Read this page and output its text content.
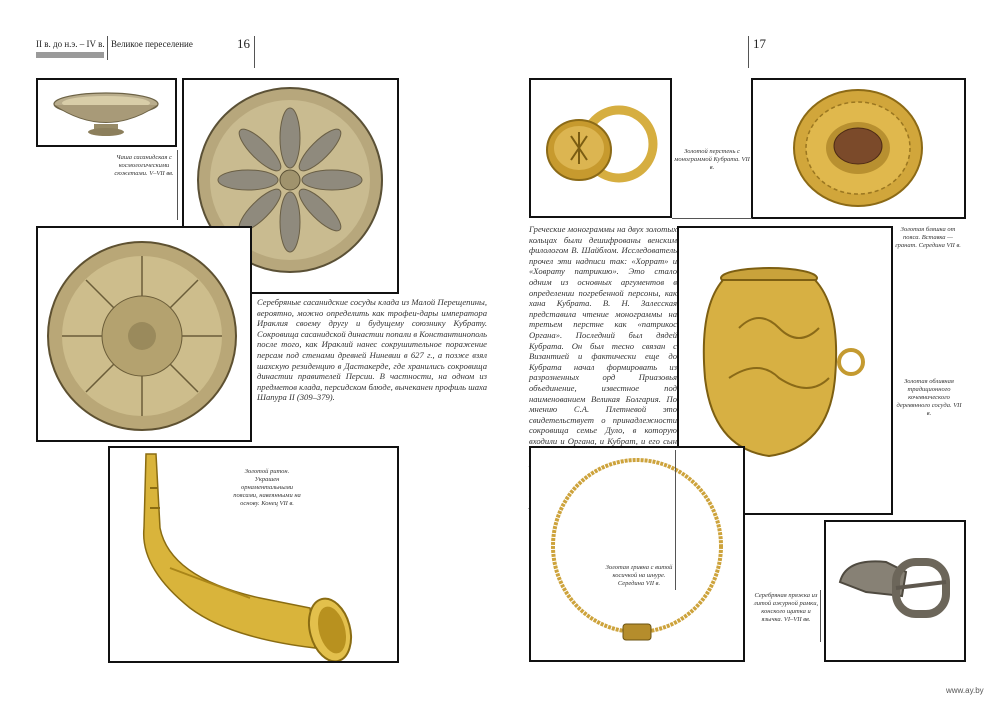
II в. до н.э. – IV в. Великое переселение	16	17
Чаша сасанидская с космологическими сюжетами. V–VII вв.
Серебряные сасанидские сосуды клада из Малой Перещепины, вероятно, можно определить как трофеи-дары императора Ираклия своему другу и будущему союзнику Кубрату. Сокровища сасанидской династии попали в Константинополь после того, как Ираклий нанес сокрушительное поражение персам под стенами древней Ниневии в 627 г., а позже взял шахскую резиденцию в Дастакерде, где хранились сокровища династии правителей Персии. В частности, на одном из предметов клада, персидском блюде, вычеканен профиль шаха Шапура II (309–379).
Золотой ритон. Украшен орнаментальными поясами, навеянными на основу. Конец VII в.
Золотой перстень с монограммой Кубрата. VII в.
Золотая бляшка от пояса. Вставка — гранат. Середина VII в.
Греческие монограммы на двух золотых кольцах были дешифрованы венским филологом В. Шайблом. Исследователь прочел эти надписи так: «Хоррат» и «Ховрату патрикию». Это стало одним из основных аргументов в определении погребенной персоны, как хана Кубрата. В. Н. Залесская представила чтение монограммы на третьем перстне как «патрикос Органа». Последний был дядей Кубрата. Он был тесно связан с Византией и фактически еще до Кубрата начал формировать из разрозненных орд Приазовья объединение, известное под наименованием Великая Болгария. По мнению С.А. Плетневой это свидетельствует о принадлежности сокровища семье Дуло, в которую входили и Органа, и Кубрат, и его сын
Золотая обливная традиционного кочевнического деревянного сосуда. VII в.
Золотая гривна с витой косичкой на шнуре. Середина VII в.
Серебряная пряжка из литой ажурной рамки, конского щитка и язычка. VI–VII вв.
www.ay.by
